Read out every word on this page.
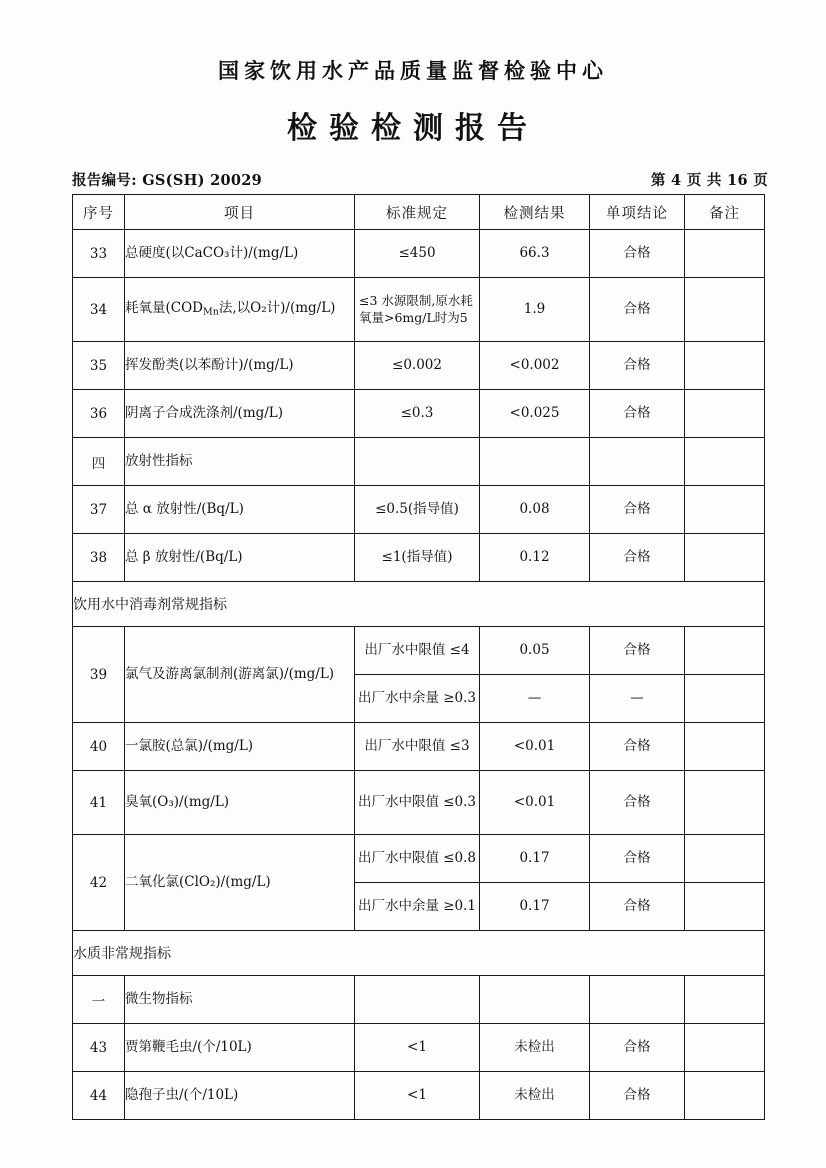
国家饮用水产品质量监督检验中心
检验检测报告
报告编号: GS(SH) 20029	第 4 页 共 16 页
序号	项目	标准规定	检测结果	单项结论	备注
33	总硬度(以CaCO₃计)/(mg/L)	≤450	66.3	合格	
34	耗氧量($COD_{Mn}$法,以O₂计)/(mg/L)	≤3 水源限制,原水耗氧量>6mg/L时为5	1.9	合格	
35	挥发酚类(以苯酚计)/(mg/L)	≤0.002	<0.002	合格	
36	阴离子合成洗涤剂/(mg/L)	≤0.3	<0.025	合格	
四	放射性指标				
37	总 α 放射性/(Bq/L)	≤0.5(指导值)	0.08	合格	
38	总 β 放射性/(Bq/L)	≤1(指导值)	0.12	合格	
饮用水中消毒剂常规指标					
39	氯气及游离氯制剂(游离氯)/(mg/L)	出厂水中限值 ≤4	0.05	合格	
		出厂水中余量 ≥0.3	—	—	
40	一氯胺(总氯)/(mg/L)	出厂水中限值 ≤3	<0.01	合格	
41	臭氧(O₃)/(mg/L)	出厂水中限值 ≤0.3	<0.01	合格	
42	二氧化氯(ClO₂)/(mg/L)	出厂水中限值 ≤0.8	0.17	合格	
		出厂水中余量 ≥0.1	0.17	合格	
水质非常规指标					
一	微生物指标				
43	贾第鞭毛虫/(个/10L)	<1	未检出	合格	
44	隐孢子虫/(个/10L)	<1	未检出	合格	
